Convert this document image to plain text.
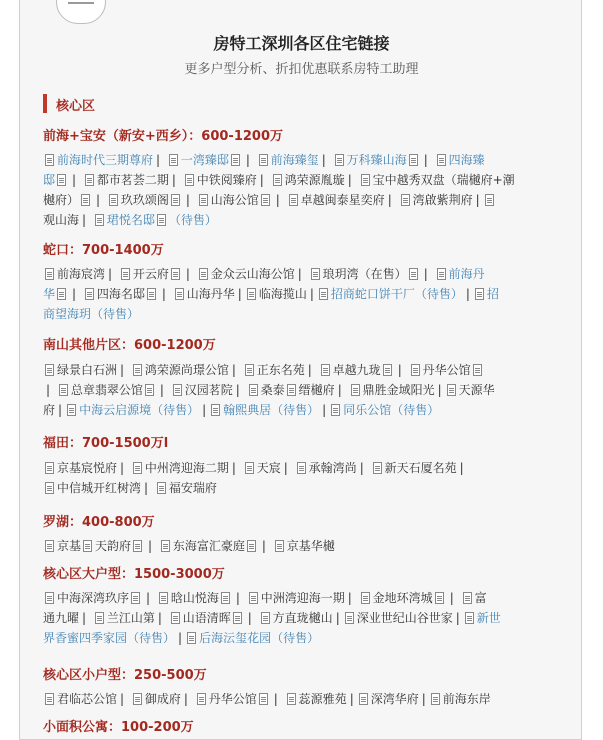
房特工深圳各区住宅链接
更多户型分析、折扣优惠联系房特工助理
核心区
前海+宝安（新安+西乡）：600-1200万
前海时代三期尊府 | 一湾臻邸 | 前海臻玺 | 万科臻山海 | 四海臻
邸 | 都市茗荟二期 | 中铁阅臻府 | 鸿荣源胤璇 | 宝中越秀双盘（瑞樾府+潮
樾府） | 玖玖颂阁 | 山海公馆 | 卓越闽泰星奕府 | 湾啟紫荆府 |
观山海 | 珺悦名邸 （待售）
蛇口：700-1400万
前海宸湾 | 开云府 | 金众云山海公馆 | 琅玥湾（在售） | 前海丹
华 | 四海名邸 | 山海丹华 | 临海揽山 | 招商蛇口饼干厂（待售） | 招
商望海玥（待售）
南山其他片区：600-1200万
绿景白石洲 | 鸿荣源尚璟公馆 | 正东名苑 | 卓越九珑 | 丹华公馆
| 总章翡翠公馆 | 汉园茗院 | 桑泰 缙樾府 | 鼎胜金域阳光 | 天源华
府 | 中海云启源境（待售） | 翰熙典居（待售） | 同乐公馆（待售）
福田：700-1500万l
京基宸悦府 | 中州湾迎海二期 | 天宸 | 承翰湾尚 | 新天石厦名苑 |
中信城开红树湾 | 福安瑞府
罗湖：400-800万
京基 天韵府 | 东海富汇豪庭 | 京基华樾
核心区大户型：1500-3000万
中海深湾玖序 | 晗山悦海 | 中洲湾迎海一期 | 金地环湾城 | 富
通九曜 | 兰江山第 | 山语清晖 | 方直珑樾山 | 深业世纪山谷世家 | 新世
界香蜜四季家园（待售） | 后海沄玺花园（待售）
核心区小户型：250-500万
君临芯公馆 | 御成府 | 丹华公馆 | 蕊源雅苑 | 深湾华府 | 前海东岸
小面积公寓：100-200万
